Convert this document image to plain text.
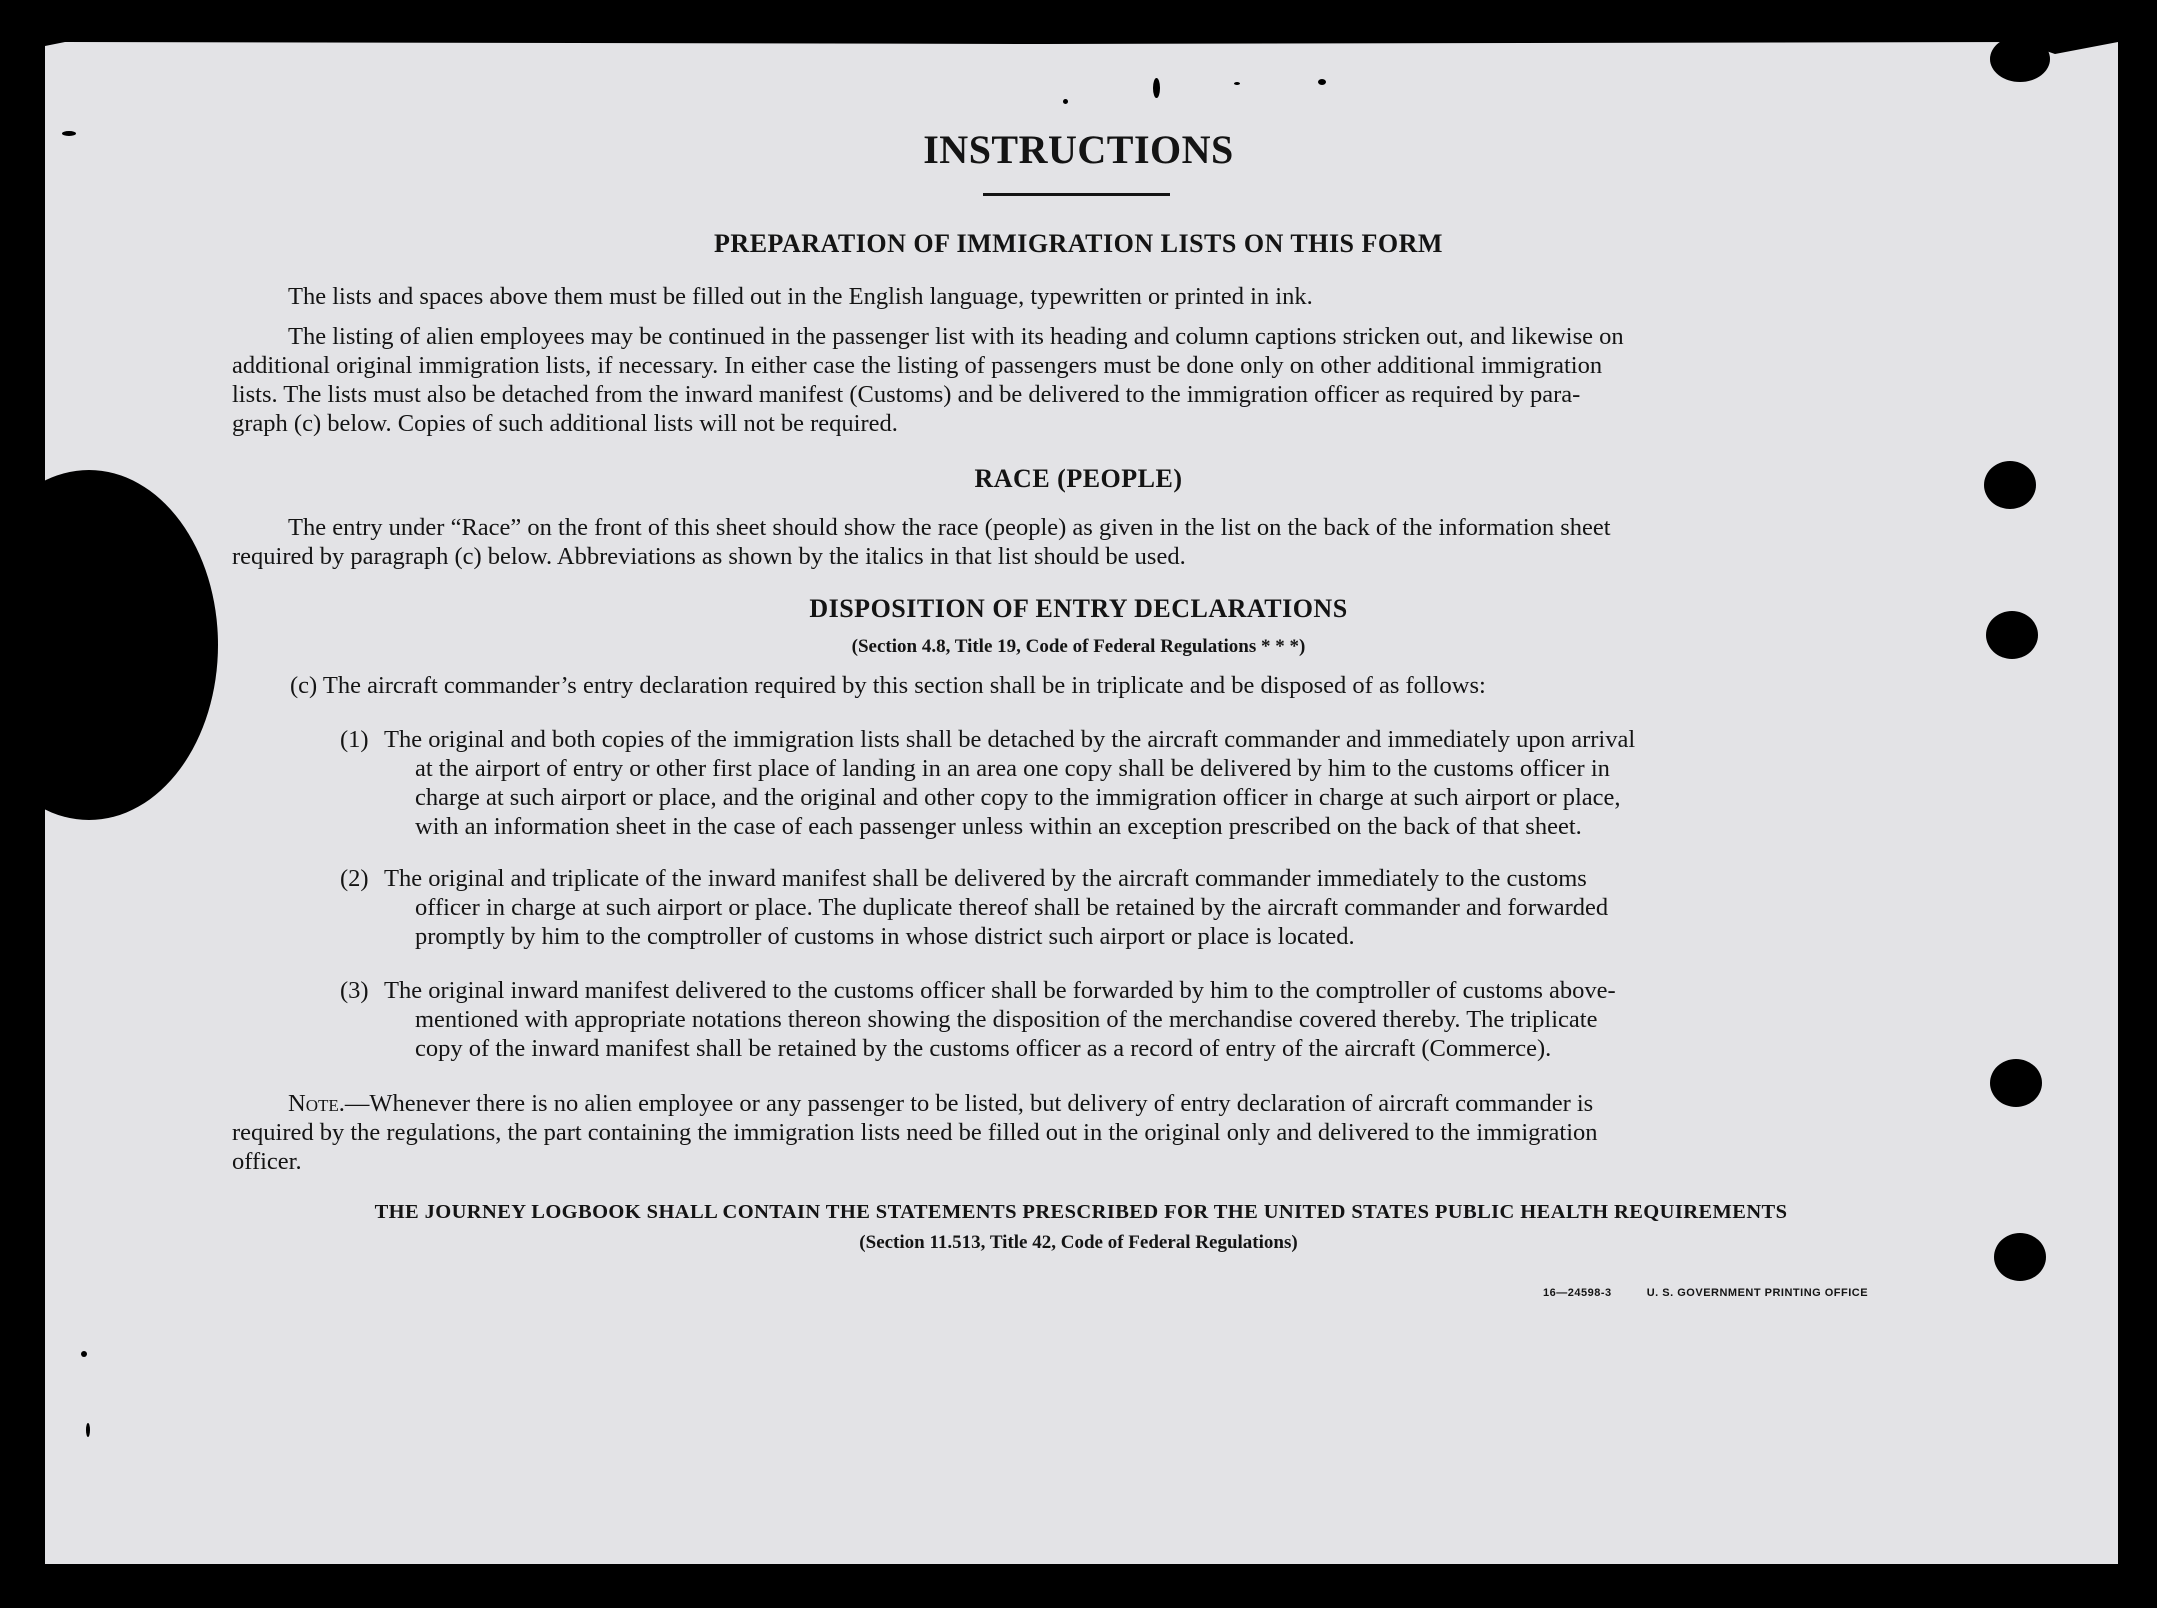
INSTRUCTIONS
PREPARATION OF IMMIGRATION LISTS ON THIS FORM
The lists and spaces above them must be filled out in the English language, typewritten or printed in ink.
The listing of alien employees may be continued in the passenger list with its heading and column captions stricken out, and likewise on
additional original immigration lists, if necessary. In either case the listing of passengers must be done only on other additional immigration
lists. The lists must also be detached from the inward manifest (Customs) and be delivered to the immigration officer as required by para-
graph (c) below. Copies of such additional lists will not be required.
RACE (PEOPLE)
The entry under “Race” on the front of this sheet should show the race (people) as given in the list on the back of the information sheet
required by paragraph (c) below. Abbreviations as shown by the italics in that list should be used.
DISPOSITION OF ENTRY DECLARATIONS
(Section 4.8, Title 19, Code of Federal Regulations * * *)
(c) The aircraft commander’s entry declaration required by this section shall be in triplicate and be disposed of as follows:
(1) The original and both copies of the immigration lists shall be detached by the aircraft commander and immediately upon arrival
at the airport of entry or other first place of landing in an area one copy shall be delivered by him to the customs officer in
charge at such airport or place, and the original and other copy to the immigration officer in charge at such airport or place,
with an information sheet in the case of each passenger unless within an exception prescribed on the back of that sheet.
(2) The original and triplicate of the inward manifest shall be delivered by the aircraft commander immediately to the customs
officer in charge at such airport or place. The duplicate thereof shall be retained by the aircraft commander and forwarded
promptly by him to the comptroller of customs in whose district such airport or place is located.
(3) The original inward manifest delivered to the customs officer shall be forwarded by him to the comptroller of customs above-
mentioned with appropriate notations thereon showing the disposition of the merchandise covered thereby. The triplicate
copy of the inward manifest shall be retained by the customs officer as a record of entry of the aircraft (Commerce).
Note.—Whenever there is no alien employee or any passenger to be listed, but delivery of entry declaration of aircraft commander is
required by the regulations, the part containing the immigration lists need be filled out in the original only and delivered to the immigration
officer.
THE JOURNEY LOGBOOK SHALL CONTAIN THE STATEMENTS PRESCRIBED FOR THE UNITED STATES PUBLIC HEALTH REQUIREMENTS
(Section 11.513, Title 42, Code of Federal Regulations)
16—24598-3	U. S. GOVERNMENT PRINTING OFFICE
